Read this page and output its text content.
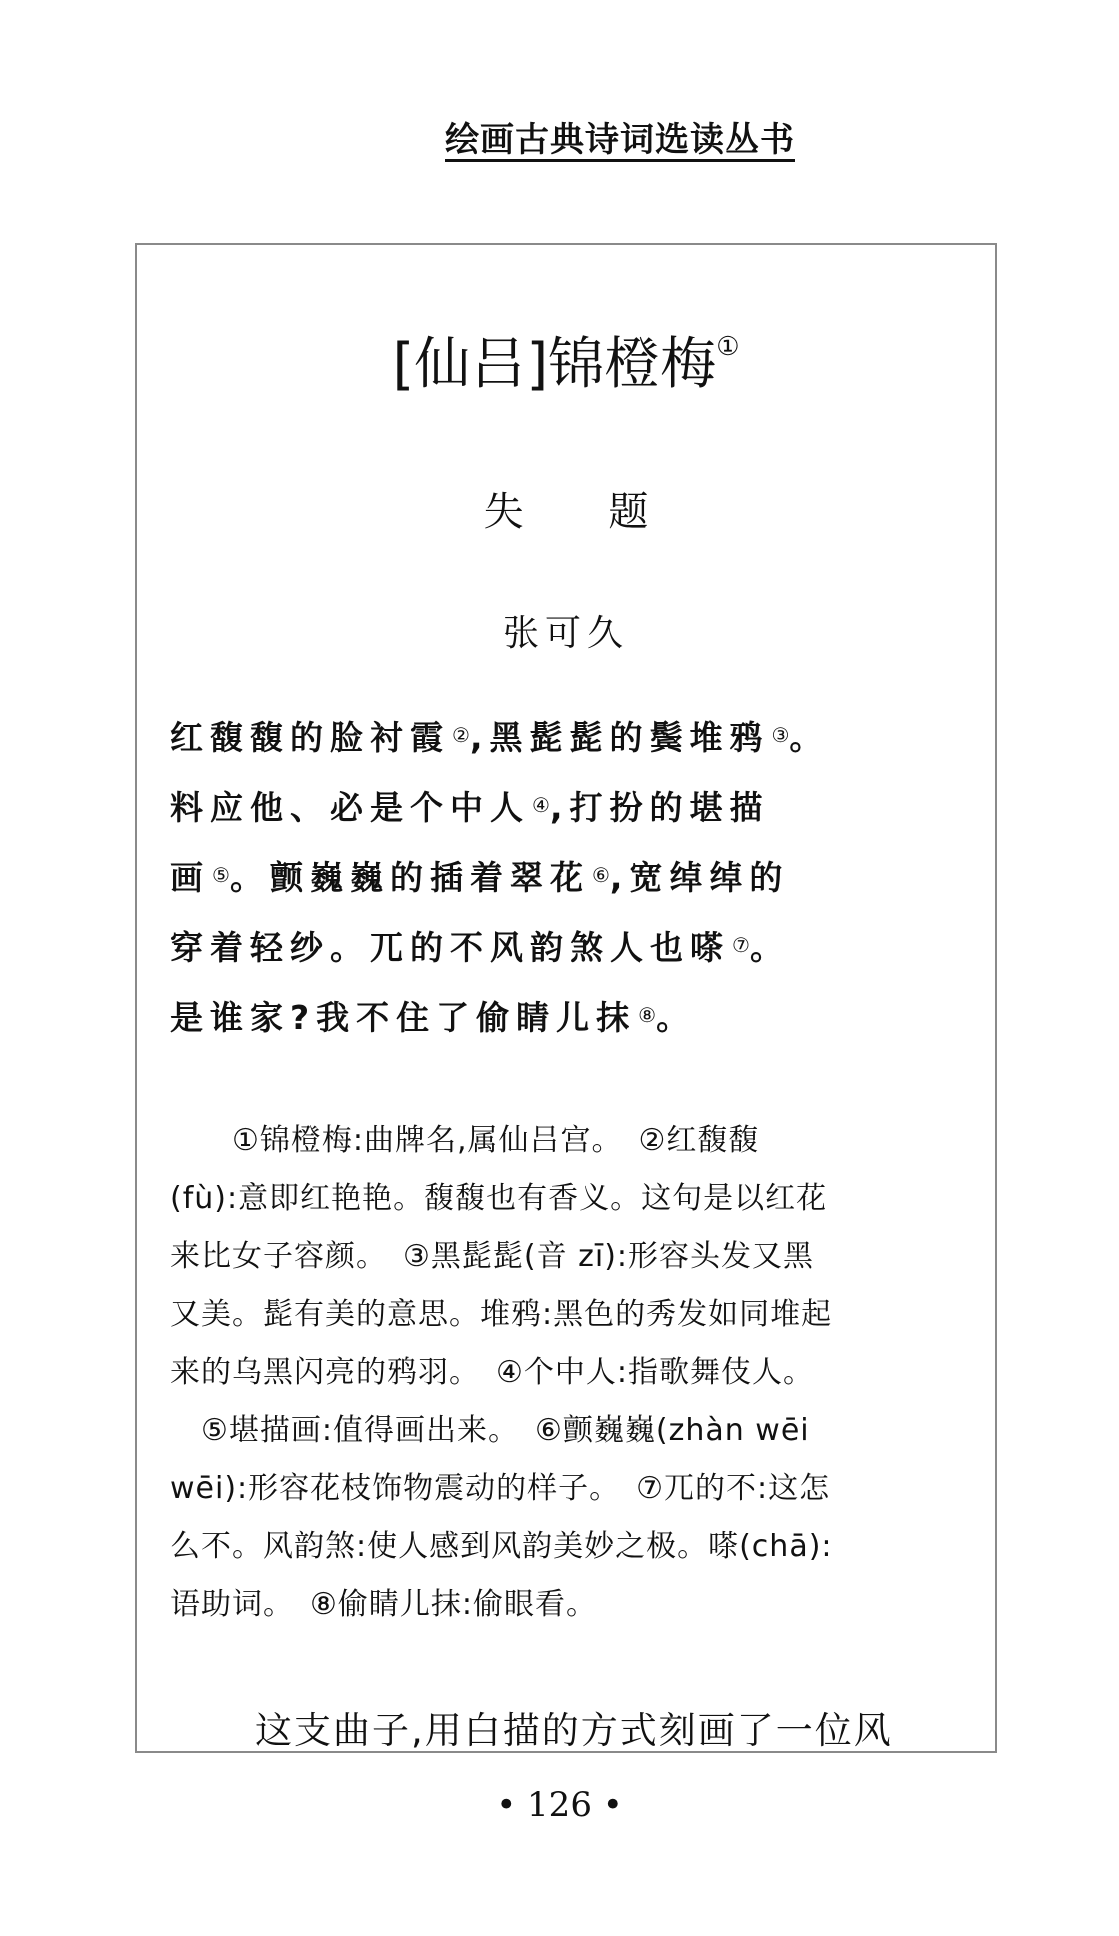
绘画古典诗词选读丛书
[仙吕]锦橙梅①
失 题
张可久
红馥馥的脸衬霞 ② ,黑髭髭的鬓堆鸦 ③ 。
料应他、必是个中人 ④ ,打扮的堪描
画 ⑤ 。颤巍巍的插着翠花 ⑥ ,宽绰绰的
穿着轻纱。兀的不风韵煞人也嗏 ⑦ 。
是谁家?我不住了偷睛儿抹 ⑧ 。
　　①锦橙梅:曲牌名,属仙吕宫。　②红馥馥
(fù):意即红艳艳。馥馥也有香义。这句是以红花
来比女子容颜。　③黑髭髭(音 zī):形容头发又黑
又美。髭有美的意思。堆鸦:黑色的秀发如同堆起
来的乌黑闪亮的鸦羽。　④个中人:指歌舞伎人。
　⑤堪描画:值得画出来。　⑥颤巍巍(zhàn wēi
wēi):形容花枝饰物震动的样子。　⑦兀的不:这怎
么不。风韵煞:使人感到风韵美妙之极。嗏(chā):
语助词。　⑧偷睛儿抹:偷眼看。
这支曲子,用白描的方式刻画了一位风
• 126 •
